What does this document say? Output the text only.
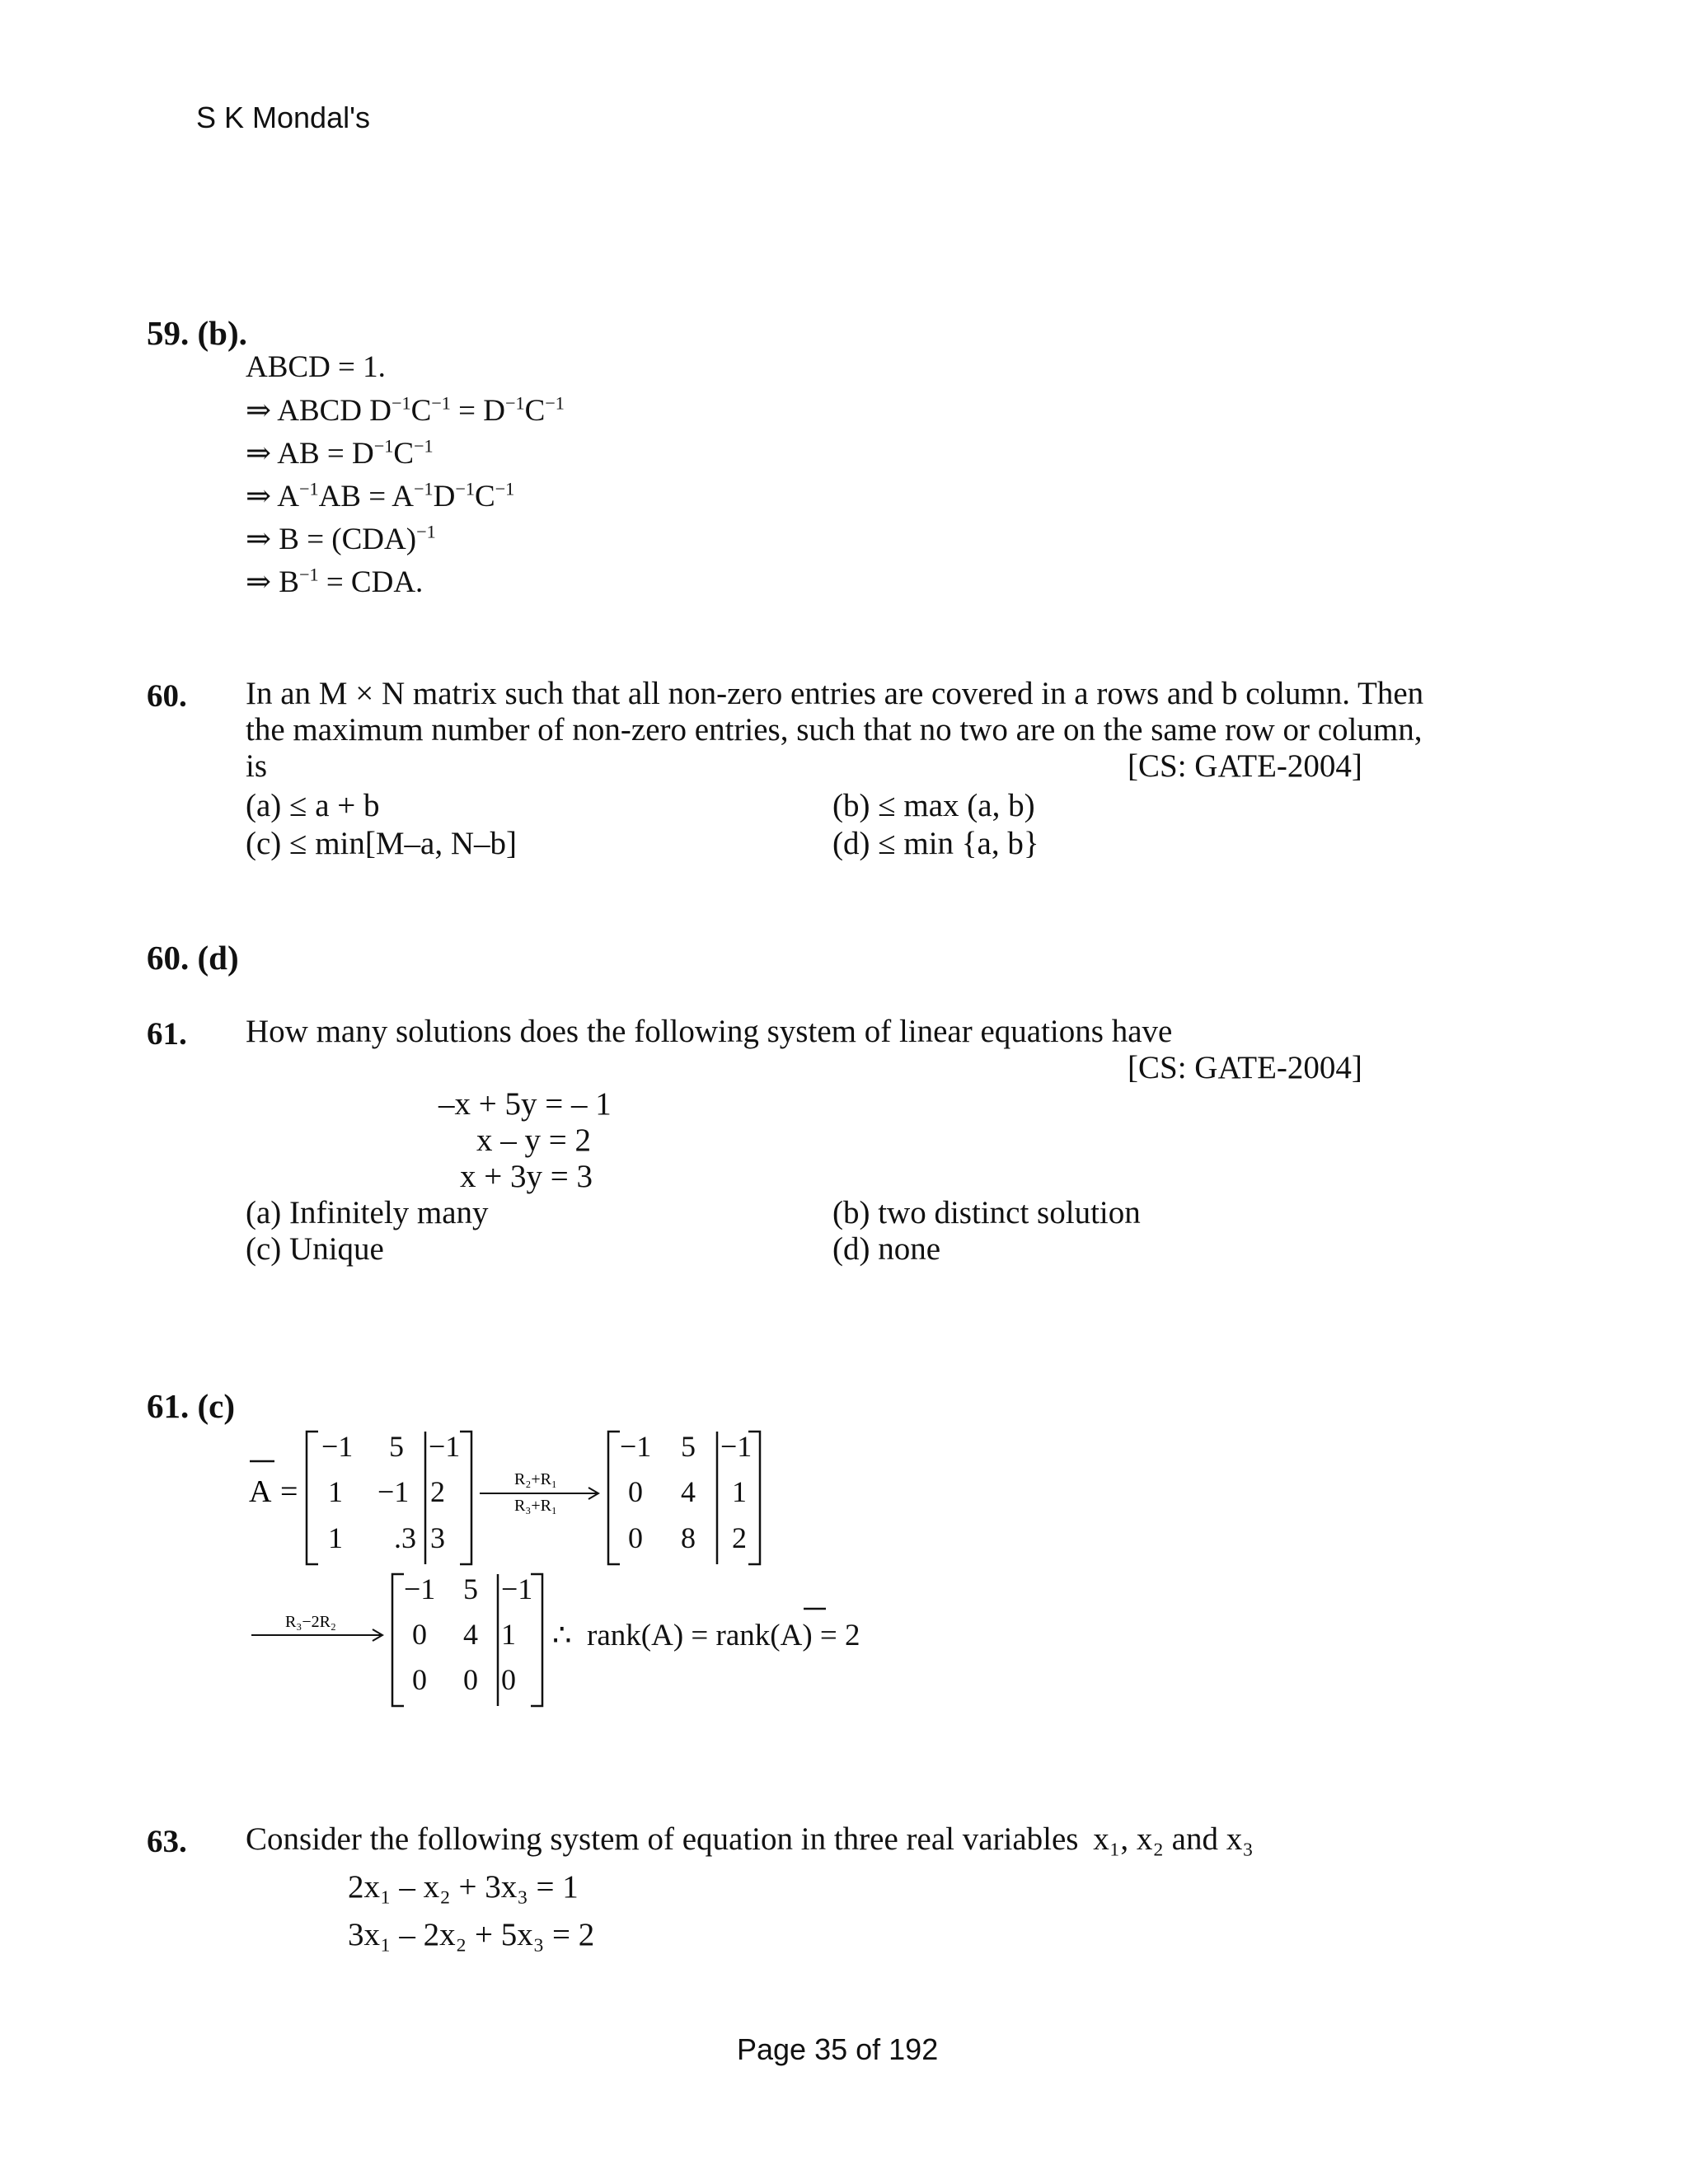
S K Mondal's
59. (b).
ABCD = 1.
⇒ ABCD $D^{-1}C^{-1} = D^{-1}C^{-1}$
⇒ AB = $D^{-1}C^{-1}$
⇒ $A^{-1}AB = A^{-1}D^{-1}C^{-1}$
⇒ B = (CDA)$^{-1}$
⇒ $B^{-1}$ = CDA.
60. In an M × N matrix such that all non-zero entries are covered in a rows and b column. Then
the maximum number of non-zero entries, such that no two are on the same row or column,
is	[CS: GATE-2004]
(a) ≤ a + b	(b) ≤ max (a, b)
(c) ≤ min[M–a, N–b]	(d) ≤ min {a, b}
60. (d)
61. How many solutions does the following system of linear equations have
[CS: GATE-2004]
–x + 5y = – 1
x – y = 2
x + 3y = 3
(a) Infinitely many	(b) two distinct solution
(c) Unique	(d) none
61. (c)
A =
−1 5 −1
1 −1 2
1 .3 3
R₂+R₁
R₃+R₁
−1 5 −1
0 4 1
0 8 2
R₃−2R₂
−1 5 −1
0 4 1
0 0 0
∴  rank(A) = rank(A) = 2
63. Consider the following system of equation in three real variables x₁, x₂ and x₃
2x₁ – x₂ + 3x₃ = 1
3x₁ – 2x₂ + 5x₃ = 2
Page 35 of 192
